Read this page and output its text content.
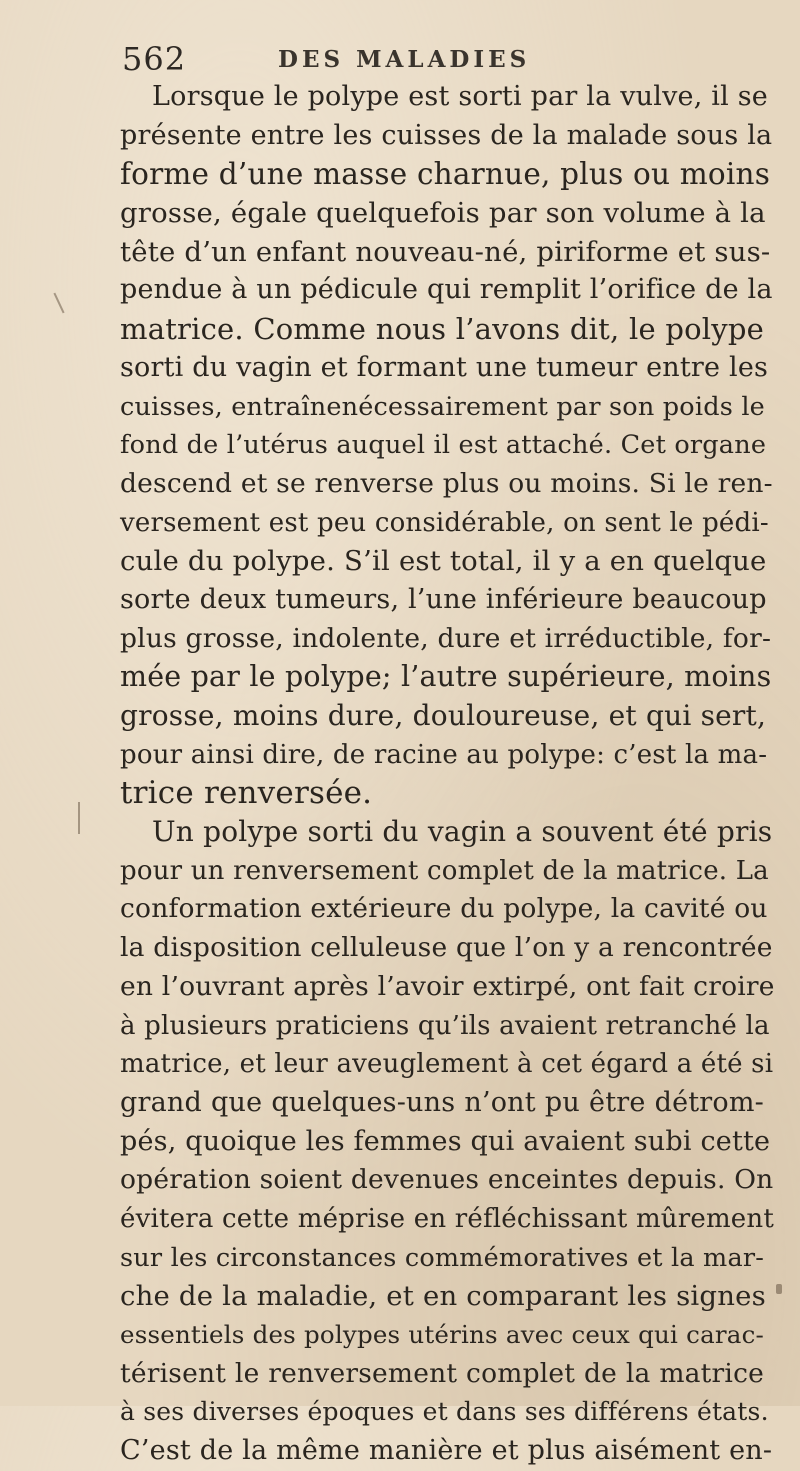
562	DES MALADIES
Lorsque le polype est sorti par la vulve, il se
présente entre les cuisses de la malade sous la
forme d’une masse charnue, plus ou moins
grosse, égale quelquefois par son volume à la
tête d’un enfant nouveau-né, piriforme et sus-
pendue à un pédicule qui remplit l’orifice de la
matrice. Comme nous l’avons dit, le polype
sorti du vagin et formant une tumeur entre les
cuisses, entraînenécessairement par son poids le
fond de l’utérus auquel il est attaché. Cet organe
descend et se renverse plus ou moins. Si le ren-
versement est peu considérable, on sent le pédi-
cule du polype. S’il est total, il y a en quelque
sorte deux tumeurs, l’une inférieure beaucoup
plus grosse, indolente, dure et irréductible, for-
mée par le polype; l’autre supérieure, moins
grosse, moins dure, douloureuse, et qui sert,
pour ainsi dire, de racine au polype: c’est la ma-
trice renversée.
Un polype sorti du vagin a souvent été pris
pour un renversement complet de la matrice. La
conformation extérieure du polype, la cavité ou
la disposition celluleuse que l’on y a rencontrée
en l’ouvrant après l’avoir extirpé, ont fait croire
à plusieurs praticiens qu’ils avaient retranché la
matrice, et leur aveuglement à cet égard a été si
grand que quelques-uns n’ont pu être détrom-
pés, quoique les femmes qui avaient subi cette
opération soient devenues enceintes depuis. On
évitera cette méprise en réfléchissant mûrement
sur les circonstances commémoratives et la mar-
che de la maladie, et en comparant les signes
essentiels des polypes utérins avec ceux qui carac-
térisent le renversement complet de la matrice
à ses diverses époques et dans ses différens états.
C’est de la même manière et plus aisément en-
